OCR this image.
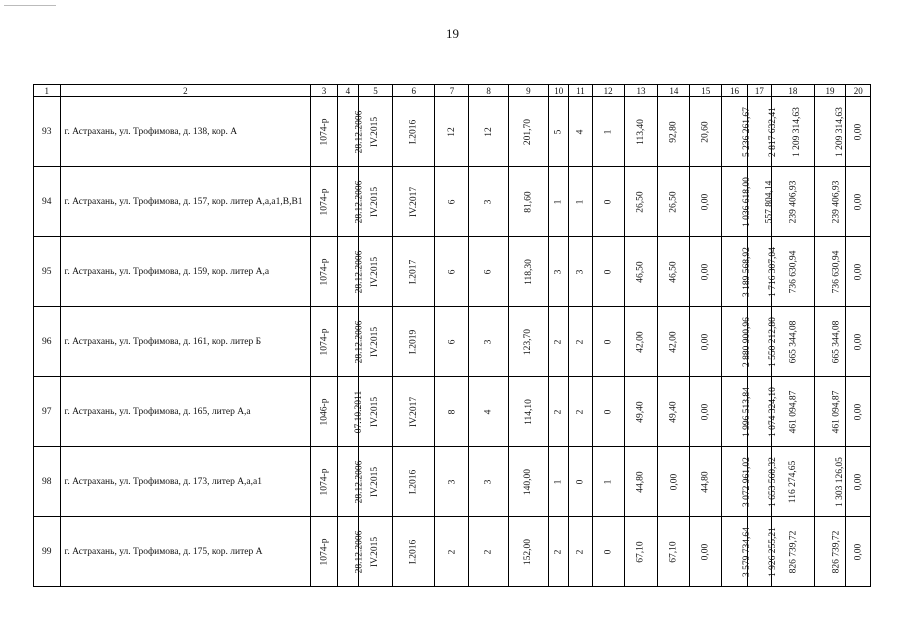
19
1	2	3	4	5	6	7	8	9	10	11	12	13	14	15	16	17	18	19	20
93	г. Астрахань, ул. Трофимова, д. 138, кор. А	1074-р	28.12.2006	IV.2015	I.2016	12	12	201,70	5	4	1	113,40	92,80	20,60	5 236 261,67	2 817 632,41	1 209 314,63	1 209 314,63	0,00
94	г. Астрахань, ул. Трофимова, д. 157, кор. литер А,а,а1,В,В1	1074-р	28.12.2006	IV.2015	IV.2017	6	3	81,60	1	1	0	26,50	26,50	0,00	1 036 618,00	557 804,14	239 406,93	239 406,93	0,00
95	г. Астрахань, ул. Трофимова, д. 159, кор. литер А,а	1074-р	28.12.2006	IV.2015	I.2017	6	6	118,30	3	3	0	46,50	46,50	0,00	3 189 568,92	1 716 307,04	736 630,94	736 630,94	0,00
96	г. Астрахань, ул. Трофимова, д. 161, кор. литер Б	1074-р	28.12.2006	IV.2015	I.2019	6	3	123,70	2	2	0	42,00	42,00	0,00	2 880 900,96	1 550 212,80	665 344,08	665 344,08	0,00
97	г. Астрахань, ул. Трофимова, д. 165, литер А,а	1046-р	07.10.2011	IV.2015	IV.2017	8	4	114,10	2	2	0	49,40	49,40	0,00	1 996 513,84	1 074 324,10	461 094,87	461 094,87	0,00
98	г. Астрахань, ул. Трофимова, д. 173, литер А,а,а1	1074-р	28.12.2006	IV.2015	I.2016	3	3	140,00	1	0	1	44,80	0,00	44,80	3 072 961,02	1 653 560,32	116 274,65	1 303 126,05	0,00
99	г. Астрахань, ул. Трофимова, д. 175, кор. литер А	1074-р	28.12.2006	IV.2015	I.2016	2	2	152,00	2	2	0	67,10	67,10	0,00	3 579 734,64	1 926 255,21	826 739,72	826 739,72	0,00
